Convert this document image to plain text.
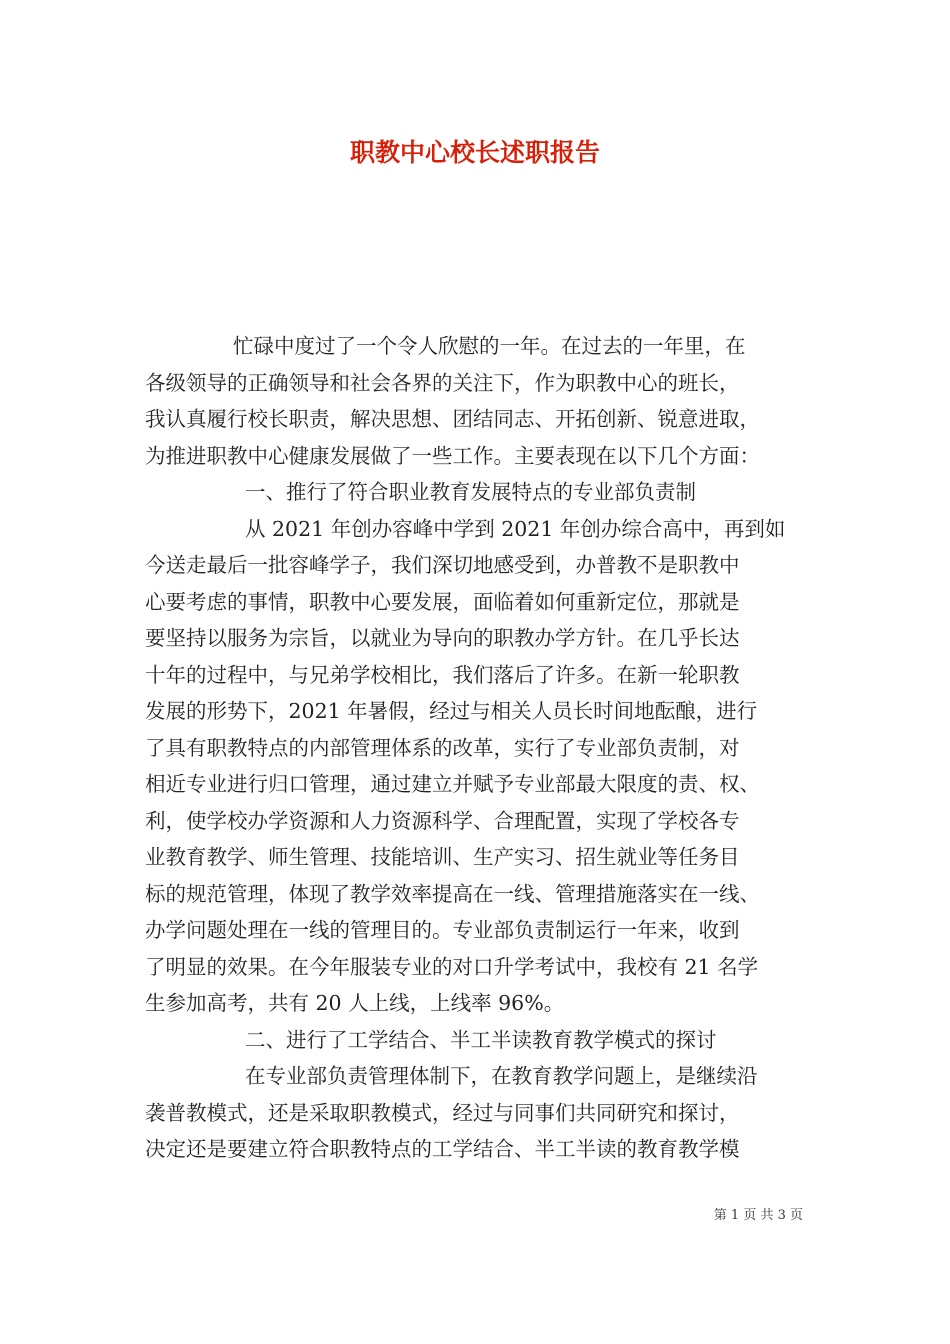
职教中心校长述职报告
忙碌中度过了一个令人欣慰的一年。在过去的一年里，在
各级领导的正确领导和社会各界的关注下，作为职教中心的班长，
我认真履行校长职责，解决思想、团结同志、开拓创新、锐意进取，
为推进职教中心健康发展做了一些工作。主要表现在以下几个方面：
一、推行了符合职业教育发展特点的专业部负责制
从 2021 年创办容峰中学到 2021 年创办综合高中，再到如
今送走最后一批容峰学子，我们深切地感受到，办普教不是职教中
心要考虑的事情，职教中心要发展，面临着如何重新定位，那就是
要坚持以服务为宗旨，以就业为导向的职教办学方针。在几乎长达
十年的过程中，与兄弟学校相比，我们落后了许多。在新一轮职教
发展的形势下，2021 年暑假，经过与相关人员长时间地酝酿，进行
了具有职教特点的内部管理体系的改革，实行了专业部负责制，对
相近专业进行归口管理，通过建立并赋予专业部最大限度的责、权、
利，使学校办学资源和人力资源科学、合理配置，实现了学校各专
业教育教学、师生管理、技能培训、生产实习、招生就业等任务目
标的规范管理，体现了教学效率提高在一线、管理措施落实在一线、
办学问题处理在一线的管理目的。专业部负责制运行一年来，收到
了明显的效果。在今年服装专业的对口升学考试中，我校有 21 名学
生参加高考，共有 20 人上线，上线率 96%。
二、进行了工学结合、半工半读教育教学模式的探讨
在专业部负责管理体制下，在教育教学问题上，是继续沿
袭普教模式，还是采取职教模式，经过与同事们共同研究和探讨，
决定还是要建立符合职教特点的工学结合、半工半读的教育教学模
第 1 页 共 3 页
